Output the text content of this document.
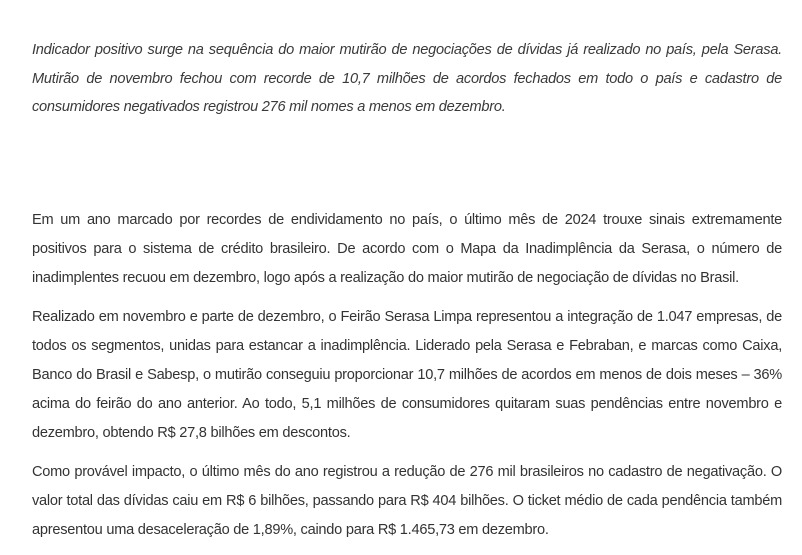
Indicador positivo surge na sequência do maior mutirão de negociações de dívidas já realizado no país, pela Serasa. Mutirão de novembro fechou com recorde de 10,7 milhões de acordos fechados em todo o país e cadastro de consumidores negativados registrou 276 mil nomes a menos em dezembro.

Em um ano marcado por recordes de endividamento no país, o último mês de 2024 trouxe sinais extremamente positivos para o sistema de crédito brasileiro. De acordo com o Mapa da Inadimplência da Serasa, o número de inadimplentes recuou em dezembro, logo após a realização do maior mutirão de negociação de dívidas no Brasil.

Realizado em novembro e parte de dezembro, o Feirão Serasa Limpa representou a integração de 1.047 empresas, de todos os segmentos, unidas para estancar a inadimplência. Liderado pela Serasa e Febraban, e marcas como Caixa, Banco do Brasil e Sabesp, o mutirão conseguiu proporcionar 10,7 milhões de acordos em menos de dois meses – 36% acima do feirão do ano anterior. Ao todo, 5,1 milhões de consumidores quitaram suas pendências entre novembro e dezembro, obtendo R$ 27,8 bilhões em descontos.

Como provável impacto, o último mês do ano registrou a redução de 276 mil brasileiros no cadastro de negativação. O valor total das dívidas caiu em R$ 6 bilhões, passando para R$ 404 bilhões. O ticket médio de cada pendência também apresentou uma desaceleração de 1,89%, caindo para R$ 1.465,73 em dezembro.
